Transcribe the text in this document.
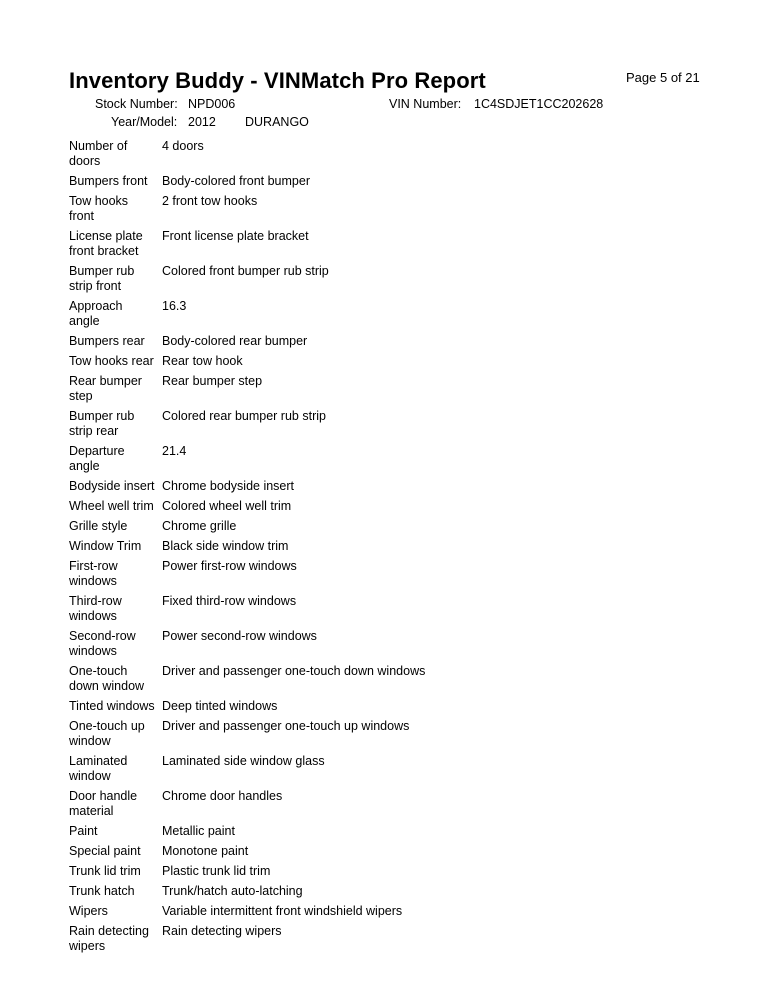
Inventory Buddy - VINMatch Pro Report	Page 5 of 21
Stock Number: NPD006	VIN Number: 1C4SDJET1CC202628
Year/Model: 2012 DURANGO
Number of doors	4 doors
Bumpers front	Body-colored front bumper
Tow hooks front	2 front tow hooks
License plate front bracket	Front license plate bracket
Bumper rub strip front	Colored front bumper rub strip
Approach angle	16.3
Bumpers rear	Body-colored rear bumper
Tow hooks rear	Rear tow hook
Rear bumper step	Rear bumper step
Bumper rub strip rear	Colored rear bumper rub strip
Departure angle	21.4
Bodyside insert	Chrome bodyside insert
Wheel well trim	Colored wheel well trim
Grille style	Chrome grille
Window Trim	Black side window trim
First-row windows	Power first-row windows
Third-row windows	Fixed third-row windows
Second-row windows	Power second-row windows
One-touch down window	Driver and passenger one-touch down windows
Tinted windows	Deep tinted windows
One-touch up window	Driver and passenger one-touch up windows
Laminated window	Laminated side window glass
Door handle material	Chrome door handles
Paint	Metallic paint
Special paint	Monotone paint
Trunk lid trim	Plastic trunk lid trim
Trunk hatch	Trunk/hatch auto-latching
Wipers	Variable intermittent front windshield wipers
Rain detecting wipers	Rain detecting wipers
